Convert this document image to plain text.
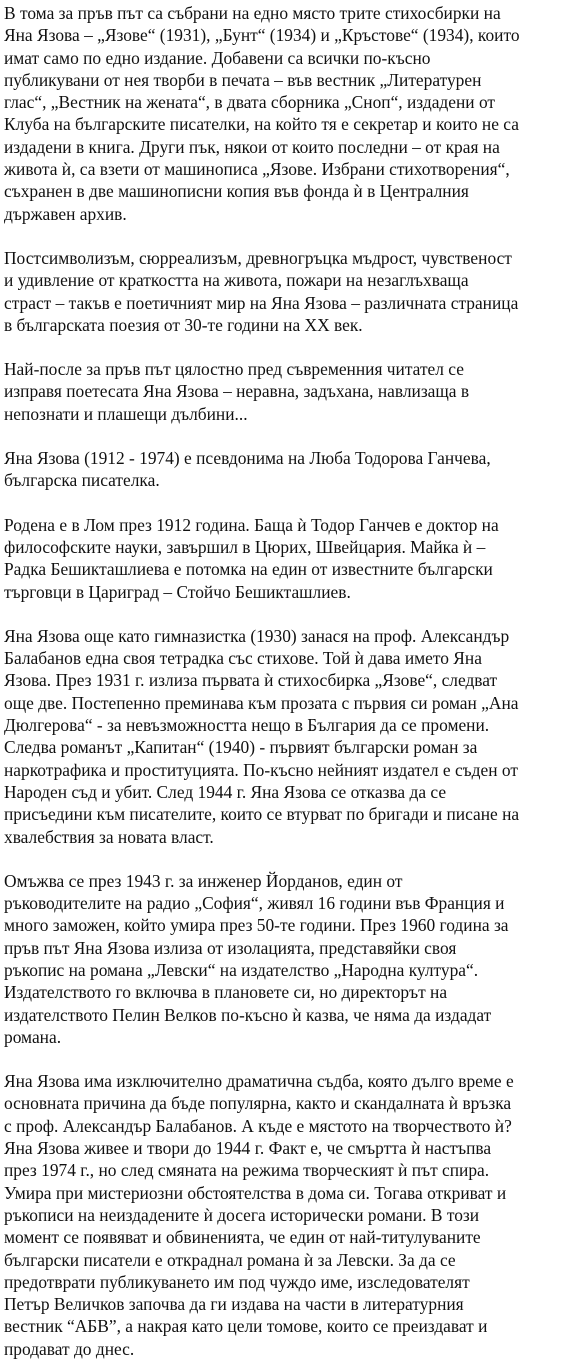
В тома за пръв път са събрани на едно място трите стихосбирки на
Яна Язова – „Язове“ (1931), „Бунт“ (1934) и „Кръстове“ (1934), които
имат само по едно издание. Добавени са всички по-късно
публикувани от нея творби в печата – във вестник „Литературен
глас“, „Вестник на жената“, в двата сборника „Сноп“, издадени от
Клуба на българските писателки, на който тя е секретар и които не са
издадени в книга. Други пък, някои от които последни – от края на
живота ѝ, са взети от машинописа „Язове. Избрани стихотворения“,
съхранен в две машинописни копия във фонда ѝ в Централния
държавен архив.

Постсимволизъм, сюрреализъм, древногръцка мъдрост, чувственост
и удивление от краткостта на живота, пожари на незаглъхваща
страст – такъв е поетичният мир на Яна Язова – различната страница
в българската поезия от 30-те години на XX век.

Най-после за пръв път цялостно пред съвременния читател се
изправя поетесата Яна Язова – неравна, задъхана, навлизаща в
непознати и плашещи дълбини...

Яна Язова (1912 - 1974) е псевдонима на Люба Тодорова Ганчева,
българска писателка.

Родена е в Лом през 1912 година. Баща ѝ Тодор Ганчев е доктор на
философските науки, завършил в Цюрих, Швейцария. Майка ѝ –
Радка Бешикташлиева е потомка на един от известните български
търговци в Цариград – Стойчо Бешикташлиев.

Яна Язова още като гимназистка (1930) занася на проф. Александър
Балабанов една своя тетрадка със стихове. Той ѝ дава името Яна
Язова. През 1931 г. излиза първата ѝ стихосбирка „Язове“, следват
още две. Постепенно преминава към прозата с първия си роман „Ана
Дюлгерова“ - за невъзможността нещо в България да се промени.
Следва романът „Капитан“ (1940) - първият български роман за
наркотрафика и проституцията. По-късно нейният издател е съден от
Народен съд и убит. След 1944 г. Яна Язова се отказва да се
присъедини към писателите, които се втурват по бригади и писане на
хвалебствия за новата власт.

Омъжва се през 1943 г. за инженер Йорданов, един от
ръководителите на радио „София“, живял 16 години във Франция и
много заможен, който умира през 50-те години. През 1960 година за
пръв път Яна Язова излиза от изолацията, представяйки своя
ръкопис на романа „Левски“ на издателство „Народна култура“.
Издателството го включва в плановете си, но директорът на
издателството Пелин Велков по-късно ѝ казва, че няма да издадат
романа.

Яна Язова има изключително драматична съдба, която дълго време е
основната причина да бъде популярна, както и скандалната ѝ връзка
с проф. Александър Балабанов. А къде е мястото на творчеството ѝ?
Яна Язова живее и твори до 1944 г. Факт е, че смъртта ѝ настъпва
през 1974 г., но след смяната на режима творческият ѝ път спира.
Умира при мистериозни обстоятелства в дома си. Тогава откриват и
ръкописи на неиздадените ѝ досега исторически романи. В този
момент се появяват и обвиненията, че един от най-титулуваните
български писатели е откраднал романа ѝ за Левски. За да се
предотврати публикуването им под чуждо име, изследователят
Петър Величков започва да ги издава на части в литературния
вестник “АБВ”, а накрая като цели томове, които се преиздават и
продават до днес.
